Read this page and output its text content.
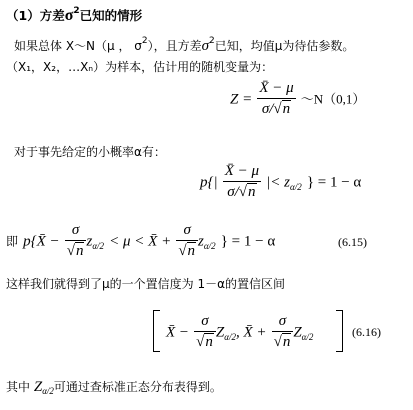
（1）方差$\sigma^2$已知的情形
如果总体 X～N（μ ， $\sigma^2$），且方差$\sigma^2$已知，均值μ为待估参数。
（X₁，X₂，…Xₙ）为样本，估计用的随机变量为：
$Z = \frac{X̄ - \mu}{\sigma/√n}$ ～N（0,1）
对于事先给定的小概率α有：
$p\{| \frac{X̄ - \mu}{\sigma/√n}$ |< zα/2 } = 1 − α
即 p{X̄ − $\frac{\sigma}{√n} z\alpha/2 < \mu$ < X̄ + $\frac{\sigma}{√n} z\alpha/2$ } = 1 − α	(6.15)
这样我们就得到了μ的一个置信度为 1－α的置信区间
X̄ − $\frac{\sigma}{√n} Z\alpha/2$, X̄ + $\frac{\sigma}{√n} Z\alpha/2$	(6.16)
其中 $Z_{\alpha/2}$可通过查标准正态分布表得到。
